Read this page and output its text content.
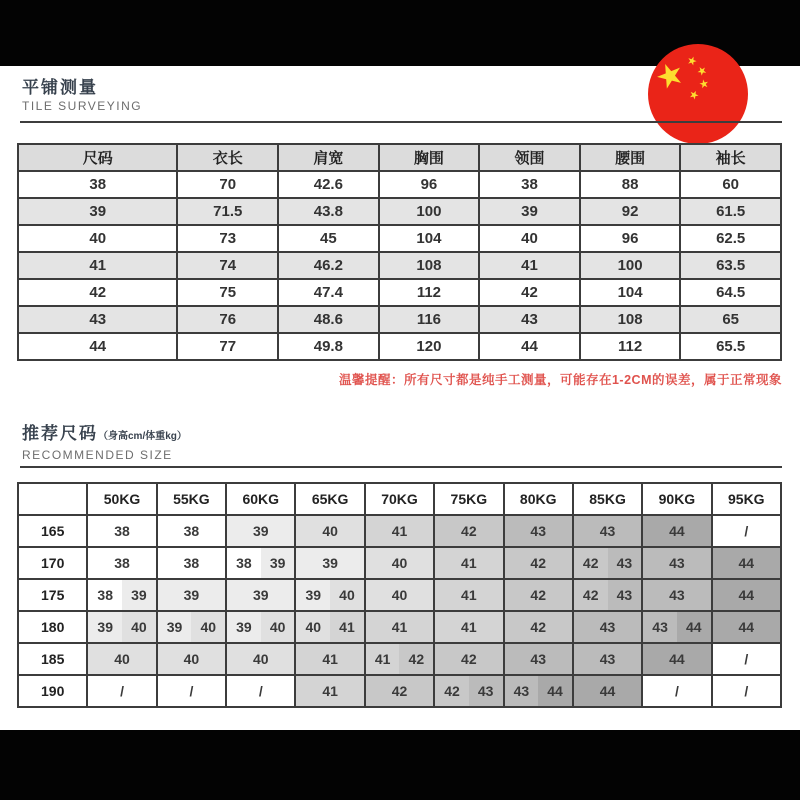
平铺测量
TILE SURVEYING
尺码	衣长	肩宽	胸围	领围	腰围	袖长
38	70	42.6	96	38	88	60
39	71.5	43.8	100	39	92	61.5
40	73	45	104	40	96	62.5
41	74	46.2	108	41	100	63.5
42	75	47.4	112	42	104	64.5
43	76	48.6	116	43	108	65
44	77	49.8	120	44	112	65.5
温馨提醒：所有尺寸都是纯手工测量，可能存在1-2CM的误差，属于正常现象
推荐尺码（身高cm/体重kg）
RECOMMENDED SIZE
	50KG	55KG	60KG	65KG	70KG	75KG	80KG	85KG	90KG	95KG
165	38	38	39	40	41	42	43	43	44	/
170	38	38	38 39	39	40	41	42	42 43	43	44
175	38 39	39	39	39 40	40	41	42	42 43	43	44
180	39 40	39 40	39 40	40 41	41	41	42	43	43 44	44
185	40	40	40	41	41 42	42	43	43	44	/
190	/	/	/	41	42	42 43	43 44	44	/	/
